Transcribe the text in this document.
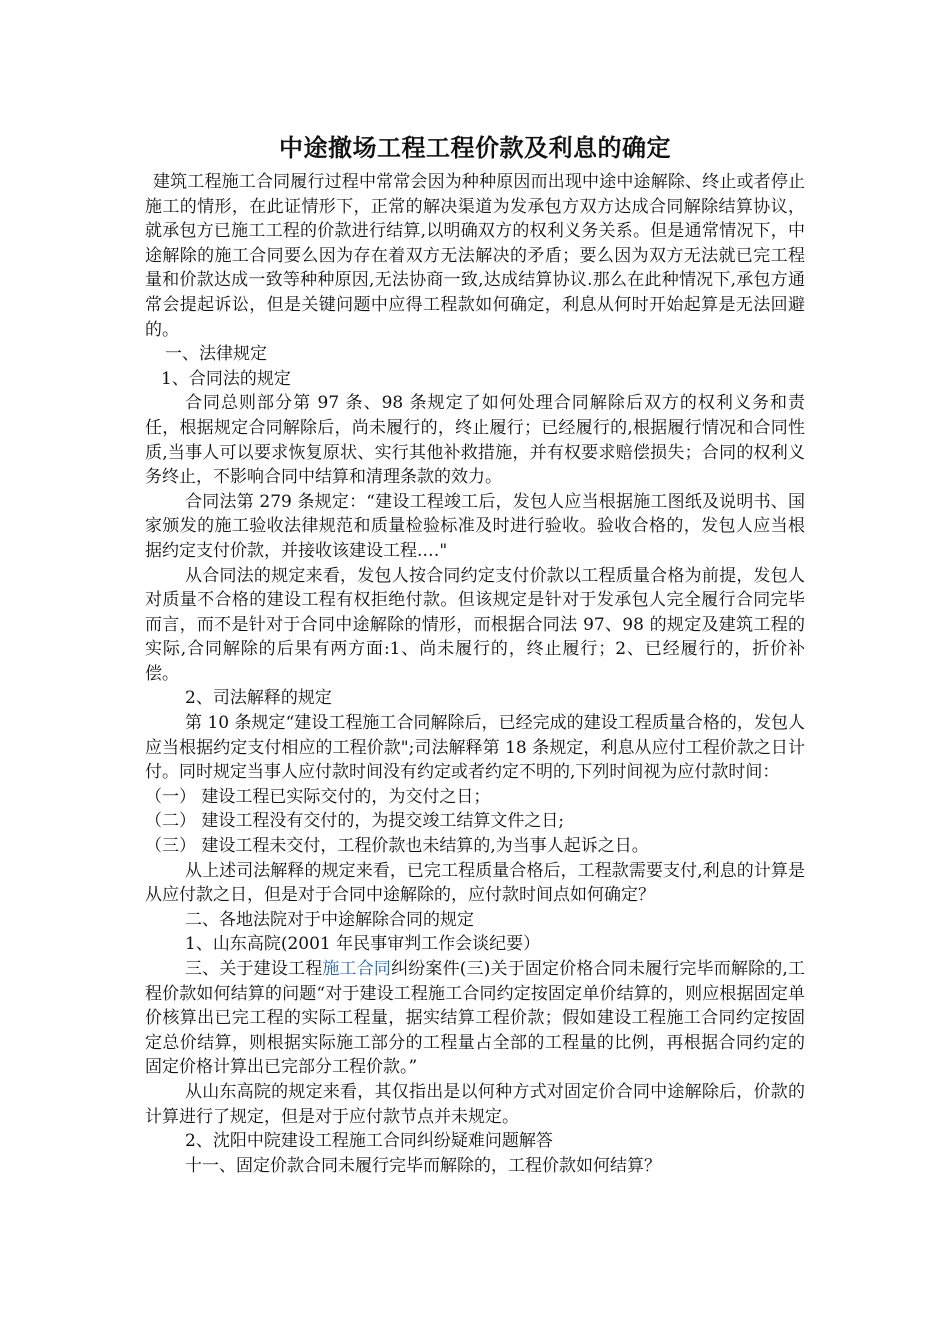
中途撤场工程工程价款及利息的确定

建筑工程施工合同履行过程中常常会因为种种原因而出现中途中途解除、终止或者停止施工的情形，在此证情形下，正常的解决渠道为发承包方双方达成合同解除结算协议，就承包方已施工工程的价款进行结算,以明确双方的权利义务关系。但是通常情况下，中途解除的施工合同要么因为存在着双方无法解决的矛盾；要么因为双方无法就已完工程量和价款达成一致等种种原因,无法协商一致,达成结算协议.那么在此种情况下,承包方通常会提起诉讼，但是关键问题中应得工程款如何确定，利息从何时开始起算是无法回避的。

一、法律规定

1、合同法的规定

合同总则部分第 97 条、98 条规定了如何处理合同解除后双方的权利义务和责任，根据规定合同解除后，尚未履行的，终止履行；已经履行的,根据履行情况和合同性质,当事人可以要求恢复原状、实行其他补救措施，并有权要求赔偿损失；合同的权利义务终止，不影响合同中结算和清理条款的效力。

合同法第 279 条规定：“建设工程竣工后，发包人应当根据施工图纸及说明书、国家颁发的施工验收法律规范和质量检验标准及时进行验收。验收合格的，发包人应当根据约定支付价款，并接收该建设工程.…"

从合同法的规定来看，发包人按合同约定支付价款以工程质量合格为前提，发包人对质量不合格的建设工程有权拒绝付款。但该规定是针对于发承包人完全履行合同完毕而言，而不是针对于合同中途解除的情形，而根据合同法 97、98 的规定及建筑工程的实际,合同解除的后果有两方面:1、尚未履行的，终止履行；2、已经履行的，折价补偿。

2、司法解释的规定

第 10 条规定“建设工程施工合同解除后，已经完成的建设工程质量合格的，发包人应当根据约定支付相应的工程价款";司法解释第 18 条规定，利息从应付工程价款之日计付。同时规定当事人应付款时间没有约定或者约定不明的,下列时间视为应付款时间：

（一） 建设工程已实际交付的，为交付之日；

（二） 建设工程没有交付的，为提交竣工结算文件之日;

（三） 建设工程未交付，工程价款也未结算的,为当事人起诉之日。

从上述司法解释的规定来看，已完工程质量合格后，工程款需要支付,利息的计算是从应付款之日，但是对于合同中途解除的，应付款时间点如何确定？

二、各地法院对于中途解除合同的规定

1、山东高院(2001 年民事审判工作会谈纪要）

三、关于建设工程施工合同纠纷案件(三)关于固定价格合同未履行完毕而解除的,工程价款如何结算的问题“对于建设工程施工合同约定按固定单价结算的，则应根据固定单价核算出已完工程的实际工程量，据实结算工程价款；假如建设工程施工合同约定按固定总价结算，则根据实际施工部分的工程量占全部的工程量的比例，再根据合同约定的固定价格计算出已完部分工程价款。”

从山东高院的规定来看，其仅指出是以何种方式对固定价合同中途解除后，价款的计算进行了规定，但是对于应付款节点并未规定。

2、沈阳中院建设工程施工合同纠纷疑难问题解答

十一、固定价款合同未履行完毕而解除的，工程价款如何结算？
